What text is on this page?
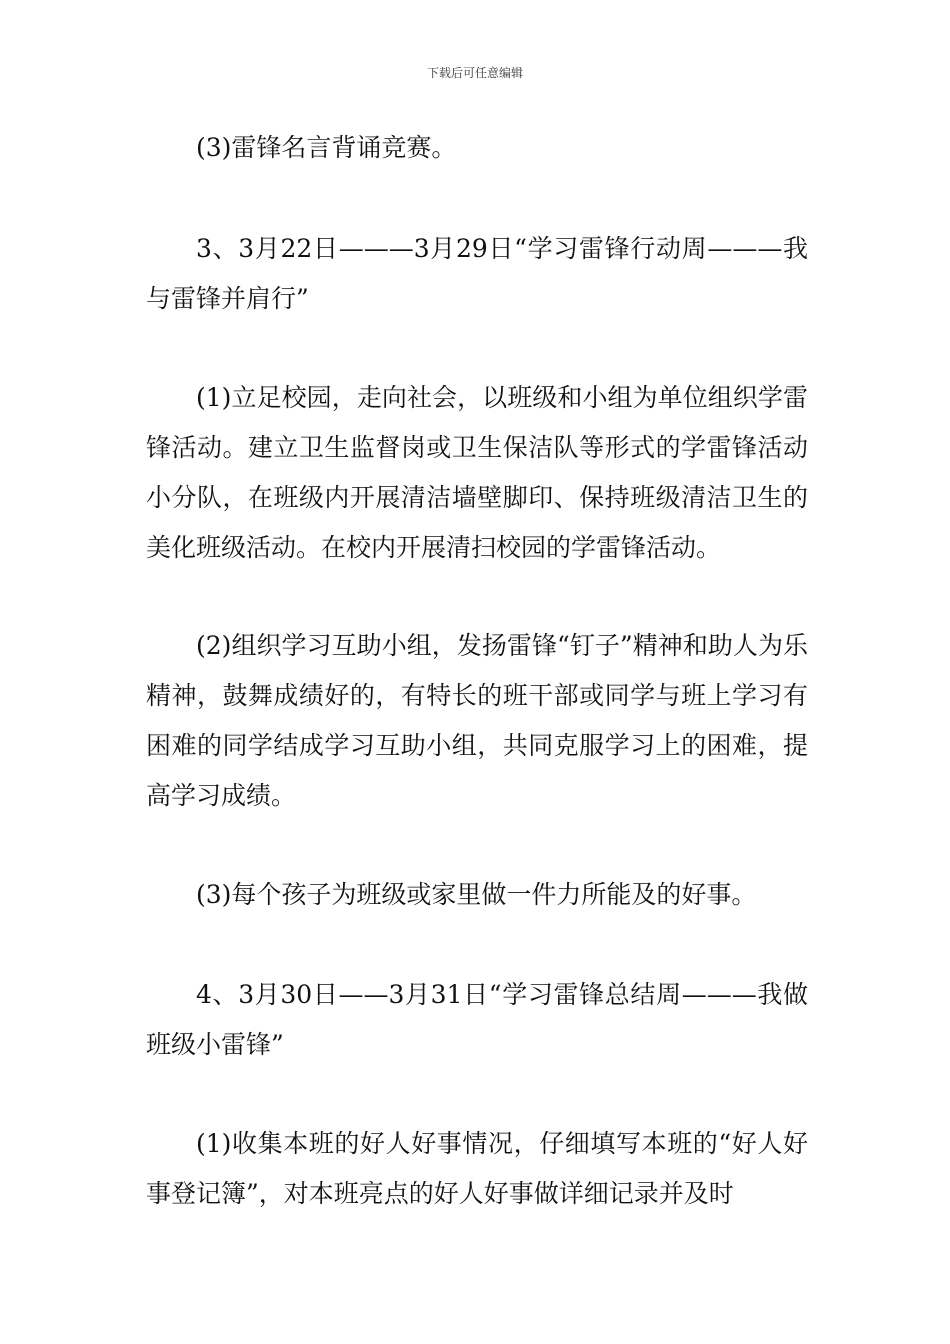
下载后可任意编辑

(3)雷锋名言背诵竞赛。

3、3月22日———3月29日“学习雷锋行动周———我与雷锋并肩行”

(1)立足校园，走向社会，以班级和小组为单位组织学雷锋活动。建立卫生监督岗或卫生保洁队等形式的学雷锋活动小分队，在班级内开展清洁墙壁脚印、保持班级清洁卫生的美化班级活动。在校内开展清扫校园的学雷锋活动。

(2)组织学习互助小组，发扬雷锋“钉子”精神和助人为乐精神，鼓舞成绩好的，有特长的班干部或同学与班上学习有困难的同学结成学习互助小组，共同克服学习上的困难，提高学习成绩。

(3)每个孩子为班级或家里做一件力所能及的好事。

4、3月30日——3月31日“学习雷锋总结周———我做班级小雷锋”

(1)收集本班的好人好事情况，仔细填写本班的“好人好事登记簿”，对本班亮点的好人好事做详细记录并及时
